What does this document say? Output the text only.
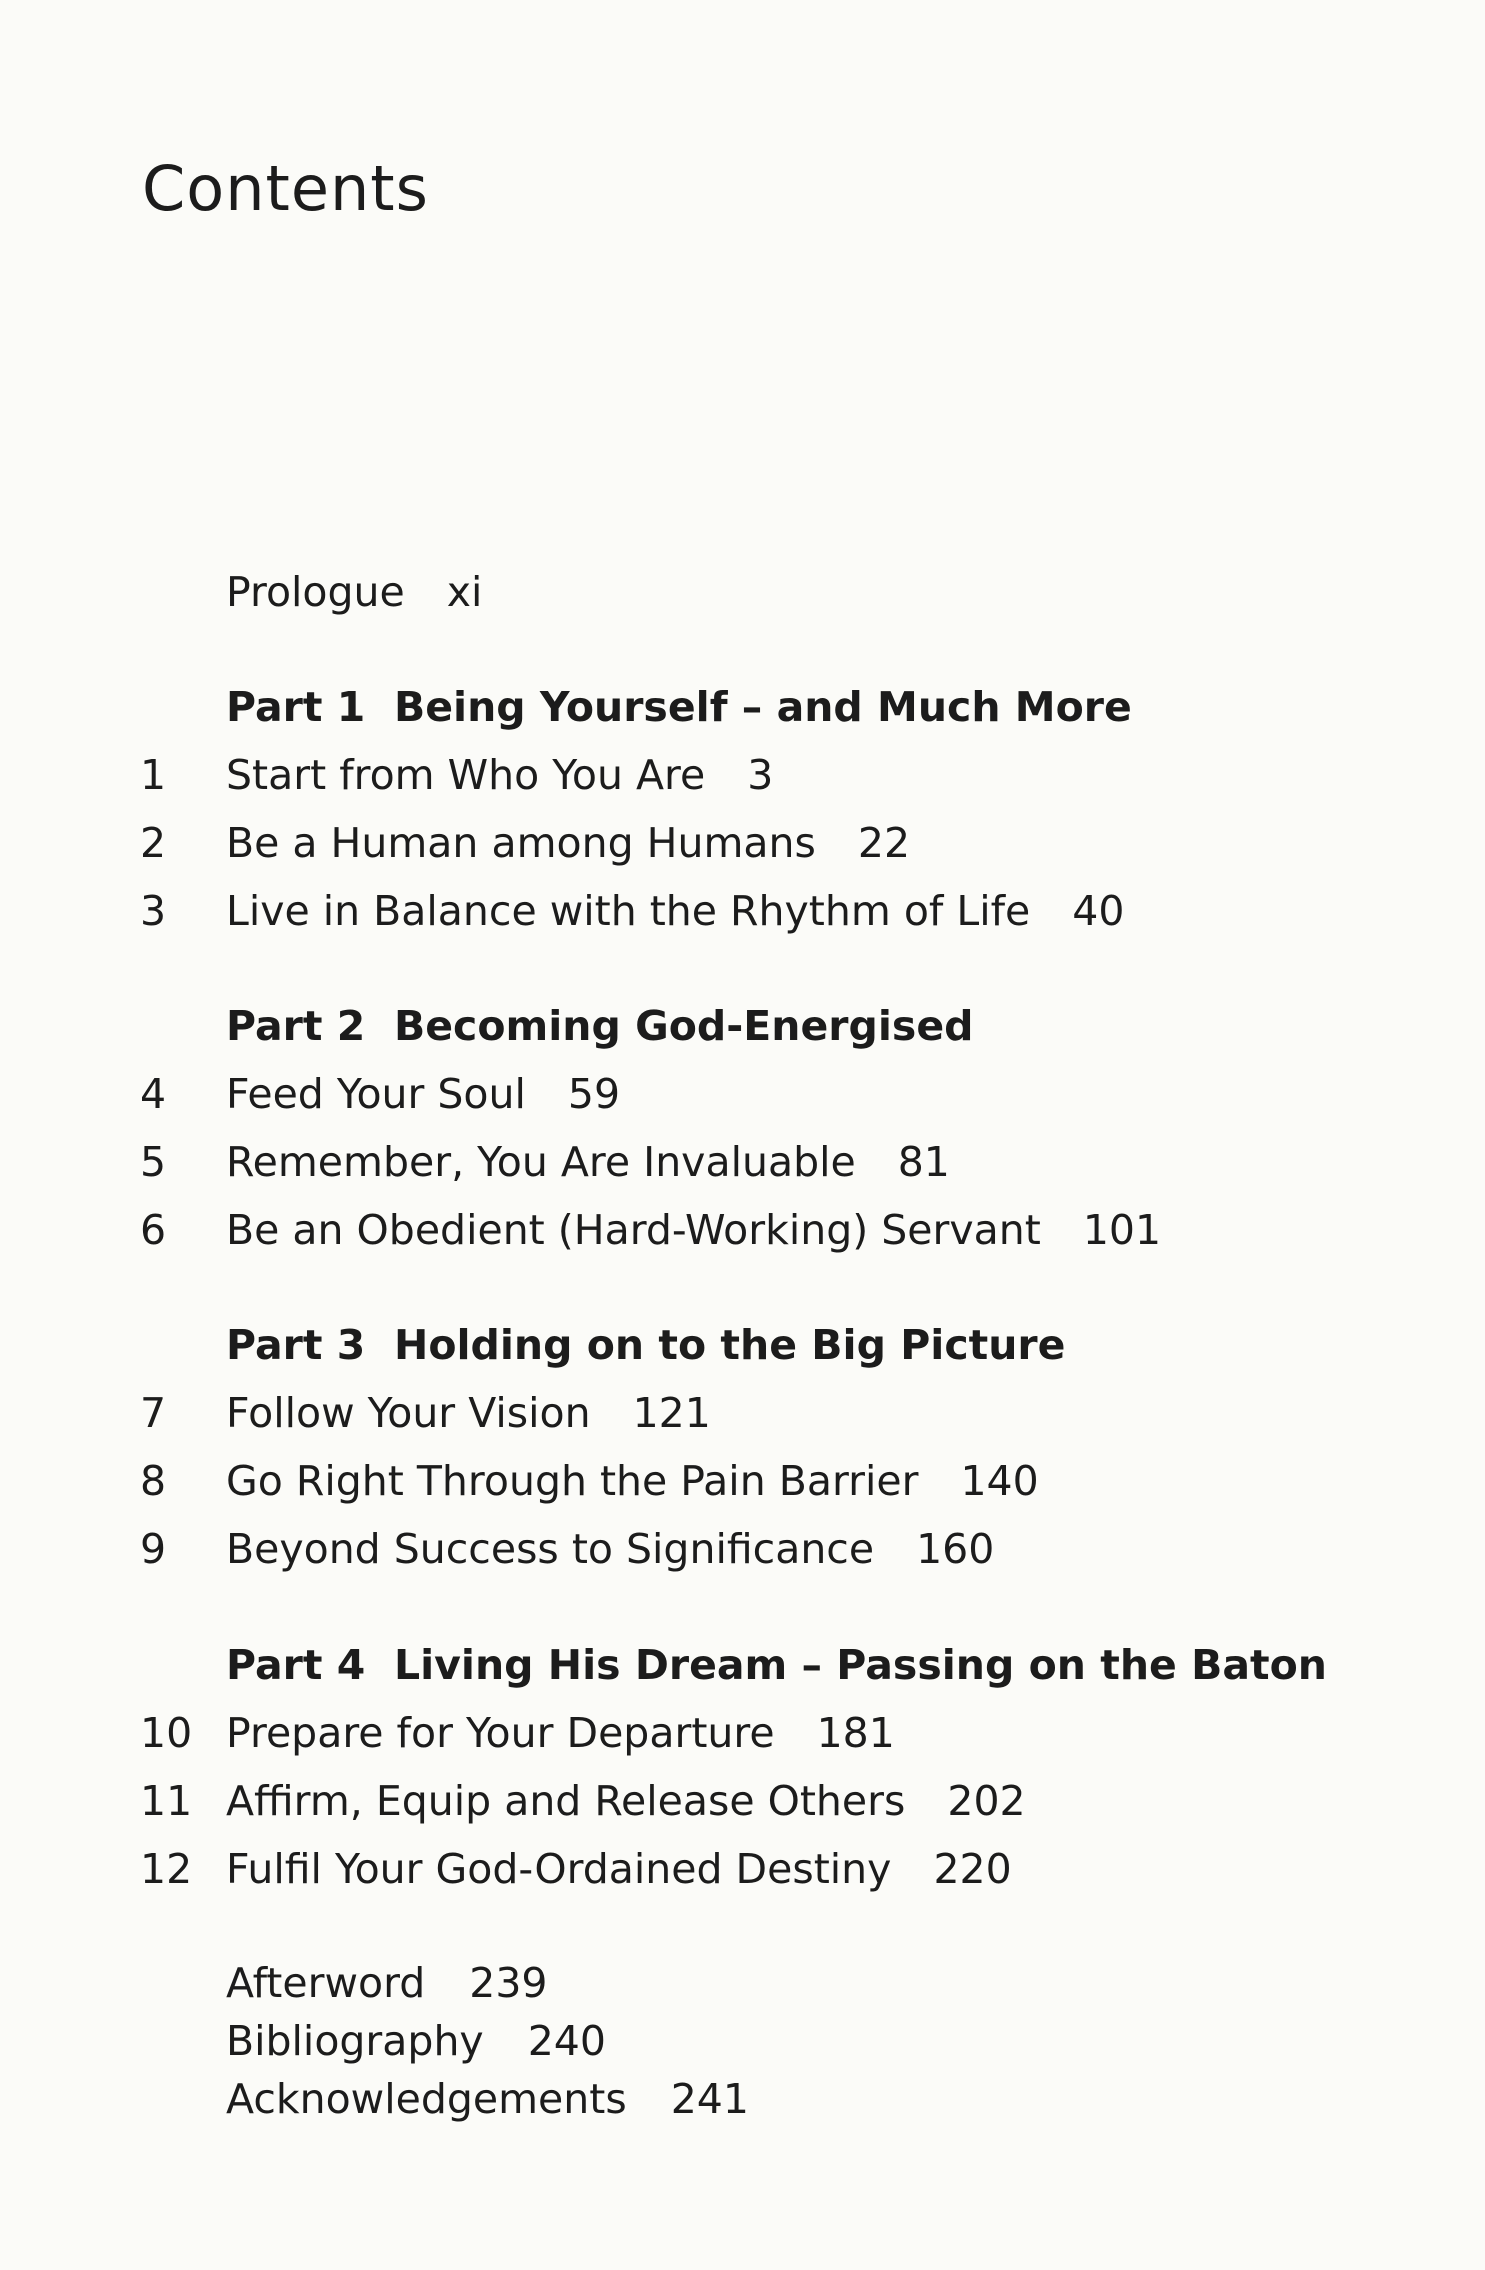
Contents
Prologue xi
Part 1 Being Yourself – and Much More
1	Start from Who You Are 3
2	Be a Human among Humans 22
3	Live in Balance with the Rhythm of Life 40
Part 2 Becoming God-Energised
4	Feed Your Soul 59
5	Remember, You Are Invaluable 81
6	Be an Obedient (Hard-Working) Servant 101
Part 3 Holding on to the Big Picture
7	Follow Your Vision 121
8	Go Right Through the Pain Barrier 140
9	Beyond Success to Significance 160
Part 4 Living His Dream – Passing on the Baton
10 Prepare for Your Departure 181
11 Affirm, Equip and Release Others 202
12 Fulfil Your God-Ordained Destiny 220
Afterword 239
Bibliography 240
Acknowledgements 241
